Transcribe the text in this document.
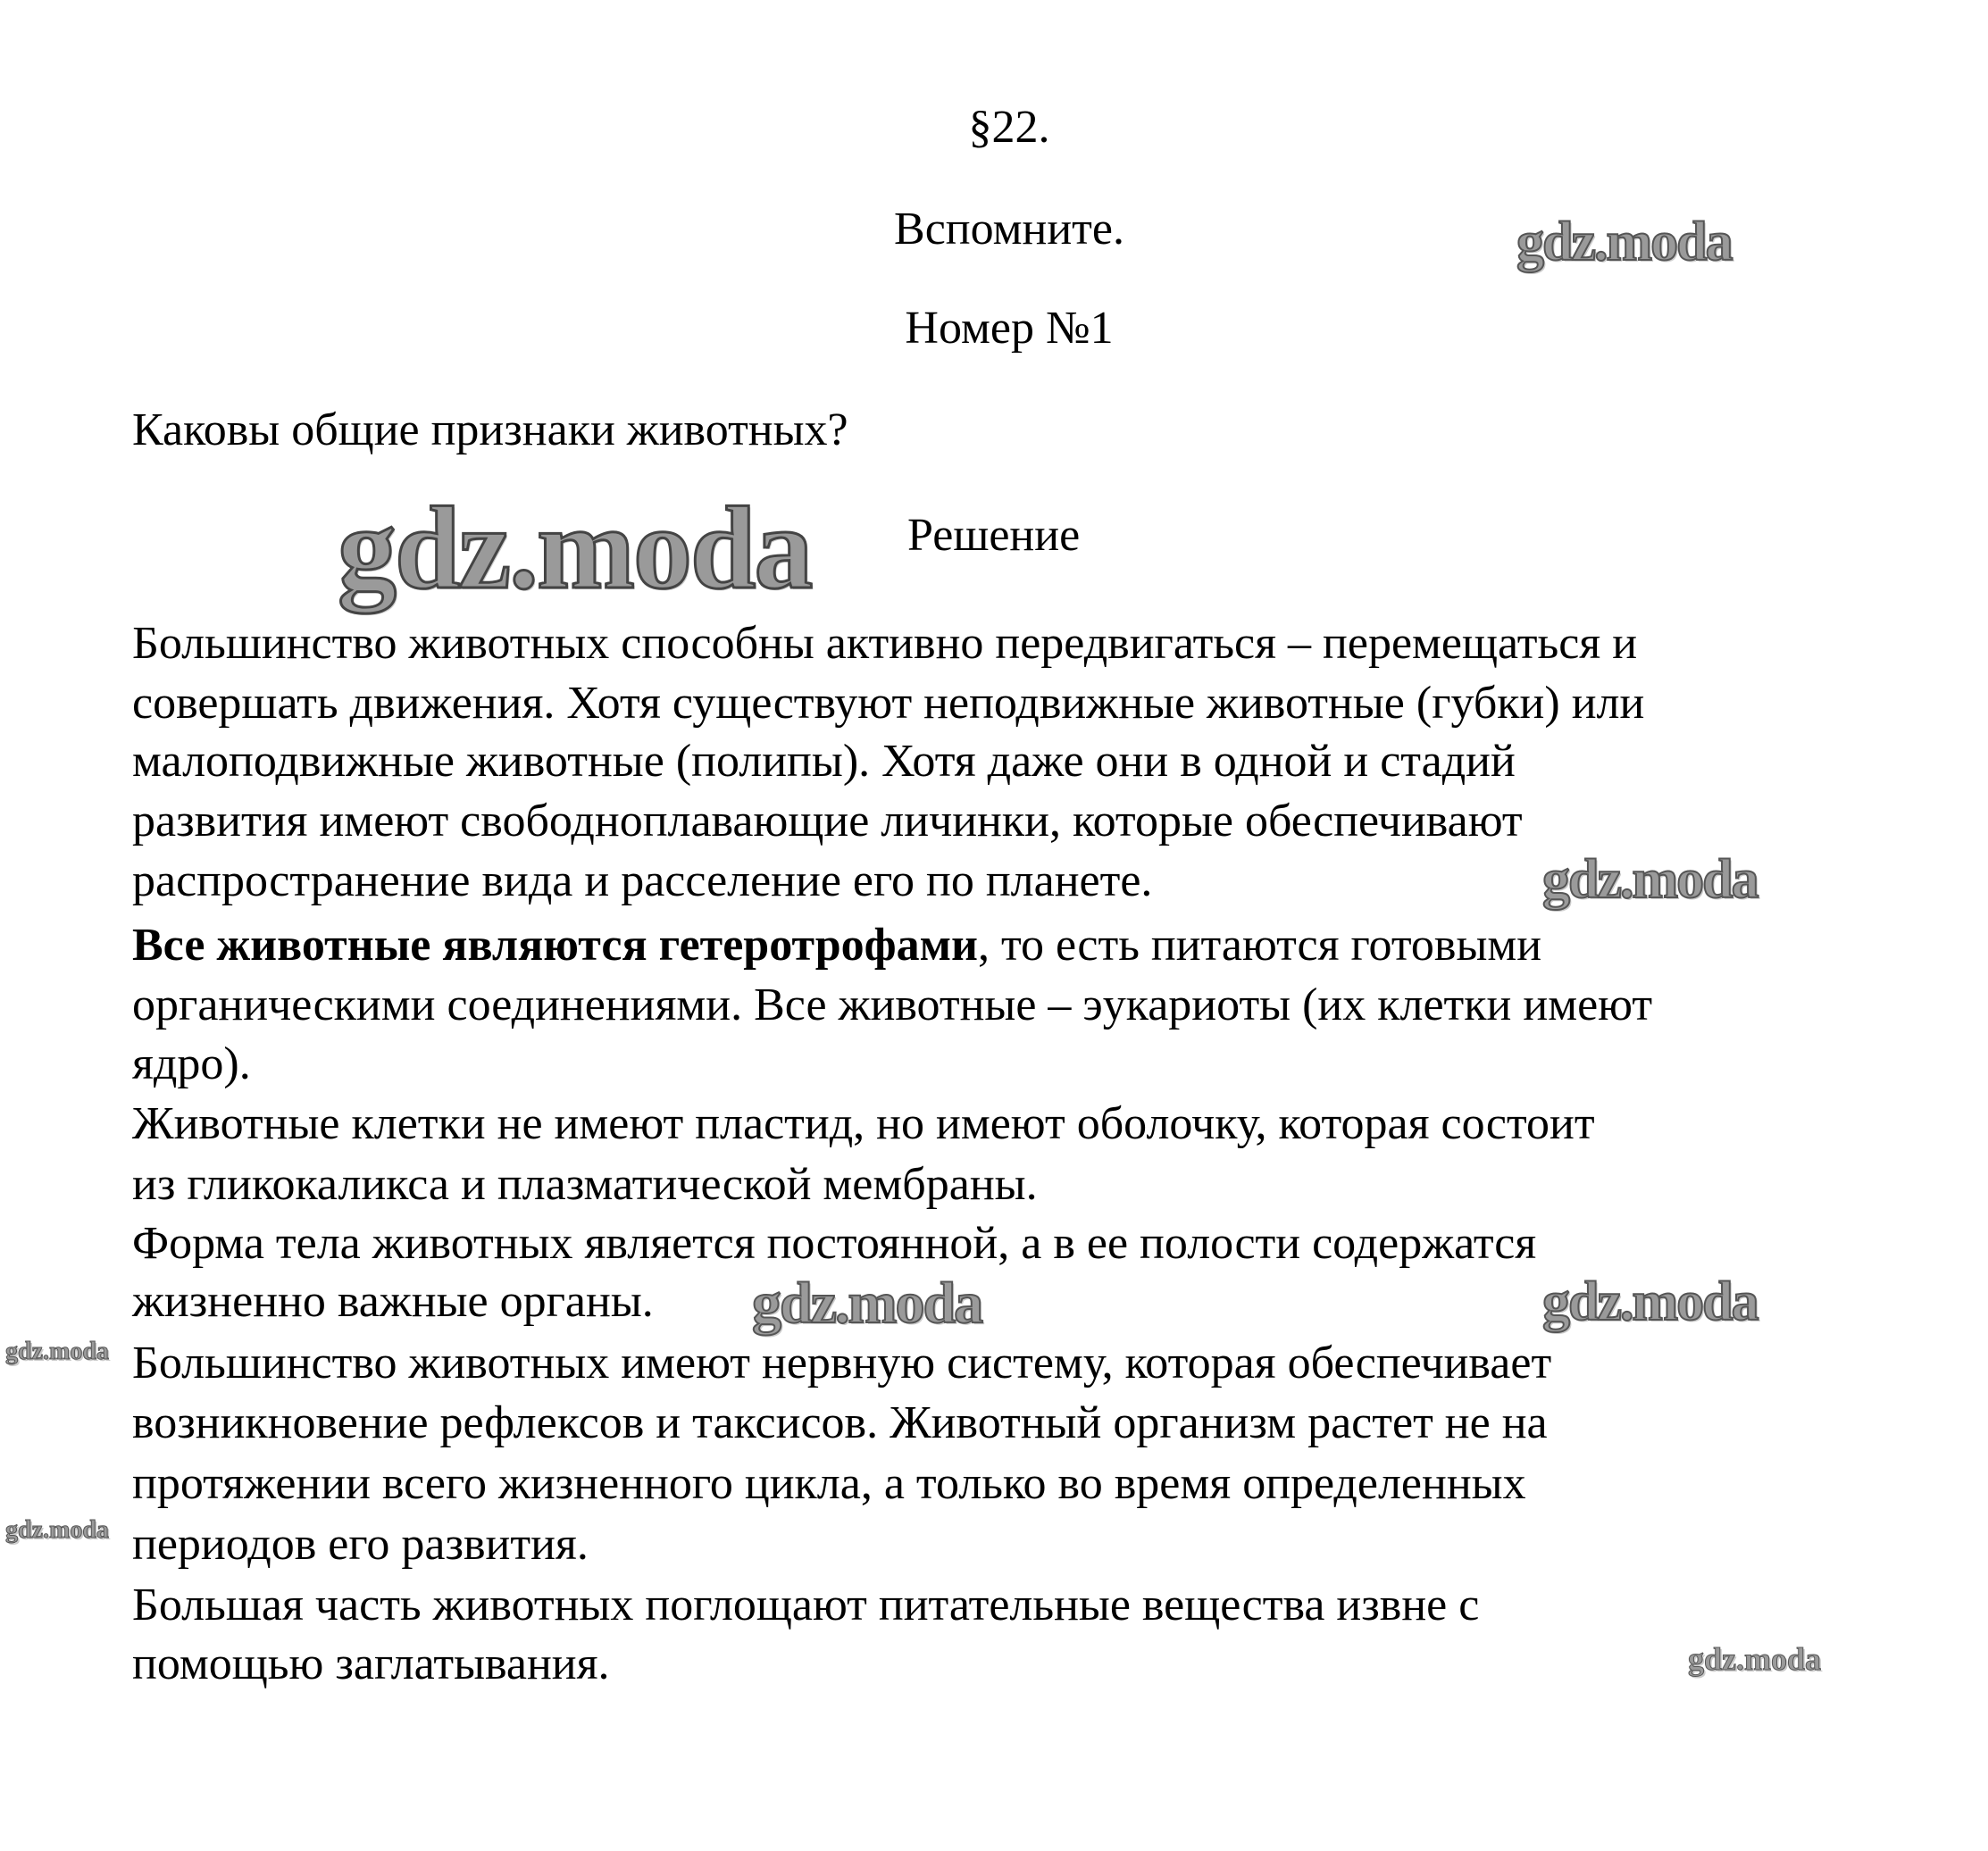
§22.
Вспомните.
Номер №1
Каковы общие признаки животных?
Решение
Большинство животных способны активно передвигаться – перемещаться и
совершать движения. Хотя существуют неподвижные животные (губки) или
малоподвижные животные (полипы). Хотя даже они в одной и стадий
развития имеют свободноплавающие личинки, которые обеспечивают
распространение вида и расселение его по планете.
Все животные являются гетеротрофами, то есть питаются готовыми
органическими соединениями. Все животные – эукариоты (их клетки имеют
ядро).
Животные клетки не имеют пластид, но имеют оболочку, которая состоит
из гликокаликса и плазматической мембраны.
Форма тела животных является постоянной, а в ее полости содержатся
жизненно важные органы.
Большинство животных имеют нервную систему, которая обеспечивает
возникновение рефлексов и таксисов. Животный организм растет не на
протяжении всего жизненного цикла, а только во время определенных
периодов его развития.
Большая часть животных поглощают питательные вещества извне с
помощью заглатывания.
gdz.moda
gdz.moda
gdz.moda
gdz.moda	gdz.moda
gdz.moda
gdz.moda
gdz.moda
